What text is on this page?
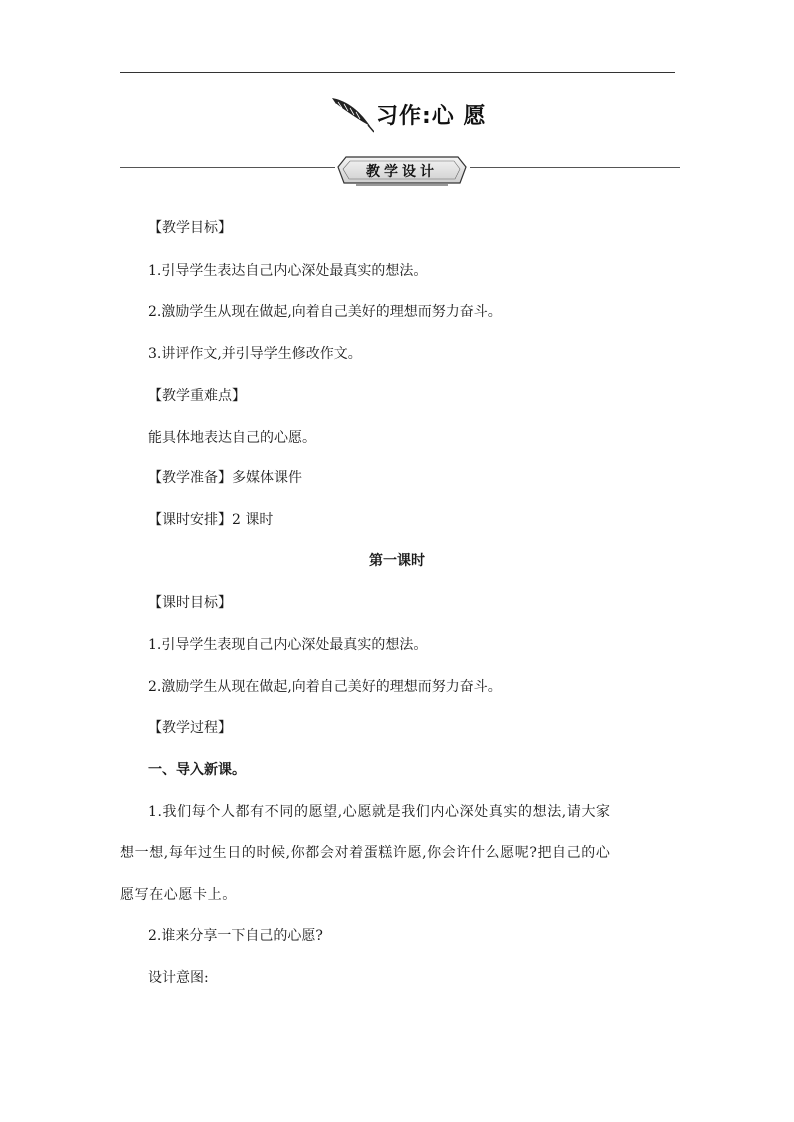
习作:心 愿
教学设计
【教学目标】
1.引导学生表达自己内心深处最真实的想法。
2.激励学生从现在做起,向着自己美好的理想而努力奋斗。
3.讲评作文,并引导学生修改作文。
【教学重难点】
能具体地表达自己的心愿。
【教学准备】多媒体课件
【课时安排】2 课时
第一课时
【课时目标】
1.引导学生表现自己内心深处最真实的想法。
2.激励学生从现在做起,向着自己美好的理想而努力奋斗。
【教学过程】
一、导入新课。
1.我们每个人都有不同的愿望,心愿就是我们内心深处真实的想法,请大家
想一想,每年过生日的时候,你都会对着蛋糕许愿,你会许什么愿呢?把自己的心
愿写在心愿卡上。
2.谁来分享一下自己的心愿?
设计意图:
